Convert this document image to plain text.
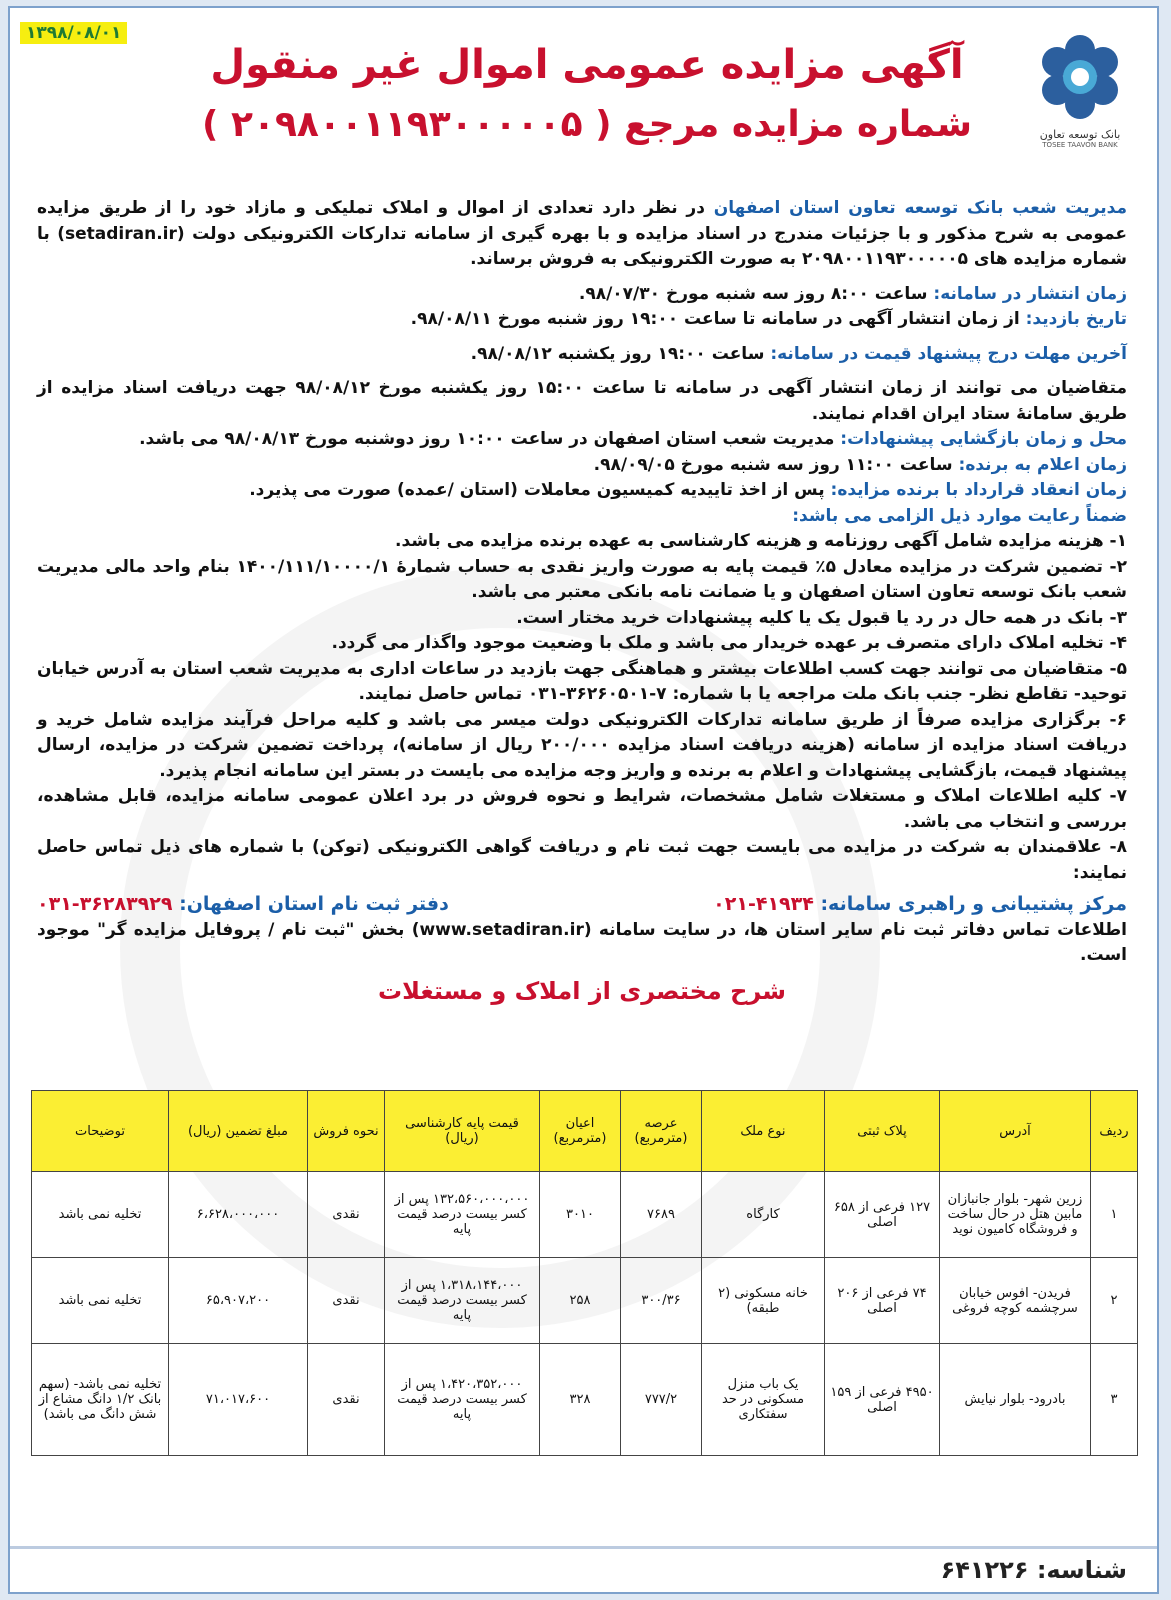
۱۳۹۸/۰۸/۰۱
بانک توسعه تعاون
TOSEE TAAVON BANK
آگهی مزایده عمومی اموال غیر منقول
شماره مزایده مرجع ( ۲۰۹۸۰۰۱۱۹۳۰۰۰۰۰۵ )

مدیریت شعب بانک توسعه تعاون استان اصفهان در نظر دارد تعدادی از اموال و املاک تملیکی و مازاد خود را از طریق مزایده عمومی به شرح مذکور و با جزئیات مندرج در اسناد مزایده و با بهره گیری از سامانه تدارکات الکترونیکی دولت (setadiran.ir) با شماره مزایده های ۲۰۹۸۰۰۱۱۹۳۰۰۰۰۰۵ به صورت الکترونیکی به فروش برساند.

زمان انتشار در سامانه: ساعت ۸:۰۰ روز سه شنبه مورخ ۹۸/۰۷/۳۰.

تاریخ بازدید: از زمان انتشار آگهی در سامانه تا ساعت ۱۹:۰۰ روز شنبه مورخ ۹۸/۰۸/۱۱.

آخرین مهلت درج پیشنهاد قیمت در سامانه: ساعت ۱۹:۰۰ روز یکشنبه ۹۸/۰۸/۱۲.

متقاضیان می توانند از زمان انتشار آگهی در سامانه تا ساعت ۱۵:۰۰ روز یکشنبه مورخ ۹۸/۰۸/۱۲ جهت دریافت اسناد مزایده از طریق سامانۀ ستاد ایران اقدام نمایند.

محل و زمان بازگشایی پیشنهادات: مدیریت شعب استان اصفهان در ساعت ۱۰:۰۰ روز دوشنبه مورخ ۹۸/۰۸/۱۳ می باشد.

زمان اعلام به برنده: ساعت ۱۱:۰۰ روز سه شنبه مورخ ۹۸/۰۹/۰۵.

زمان انعقاد قرارداد با برنده مزایده: پس از اخذ تاییدیه کمیسیون معاملات (استان /عمده) صورت می پذیرد.

ضمناً رعایت موارد ذیل الزامی می باشد:

۱- هزینه مزایده شامل آگهی روزنامه و هزینه کارشناسی به عهده برنده مزایده می باشد.

۲- تضمین شرکت در مزایده معادل ۵٪ قیمت پایه به صورت واریز نقدی به حساب شمارۀ ۱۴۰۰/۱۱۱/۱۰۰۰۰/۱ بنام واحد مالی مدیریت شعب بانک توسعه تعاون استان اصفهان و یا ضمانت نامه بانکی معتبر می باشد.

۳- بانک در همه حال در رد یا قبول یک یا کلیه پیشنهادات خرید مختار است.

۴- تخلیه املاک دارای متصرف بر عهده خریدار می باشد و ملک با وضعیت موجود واگذار می گردد.

۵- متقاضیان می توانند جهت کسب اطلاعات بیشتر و هماهنگی جهت بازدید در ساعات اداری به مدیریت شعب استان به آدرس خیابان توحید- تقاطع نظر- جنب بانک ملت مراجعه یا با شماره: ۷-۳۶۲۶۰۵۰۱-۰۳۱ تماس حاصل نمایند.

۶- برگزاری مزایده صرفاً از طریق سامانه تدارکات الکترونیکی دولت میسر می باشد و کلیه مراحل فرآیند مزایده شامل خرید و دریافت اسناد مزایده از سامانه (هزینه دریافت اسناد مزایده ۲۰۰/۰۰۰ ریال از سامانه)، پرداخت تضمین شرکت در مزایده، ارسال پیشنهاد قیمت، بازگشایی پیشنهادات و اعلام به برنده و واریز وجه مزایده می بایست در بستر این سامانه انجام پذیرد.

۷- کلیه اطلاعات املاک و مستغلات شامل مشخصات، شرایط و نحوه فروش در برد اعلان عمومی سامانه مزایده، قابل مشاهده، بررسی و انتخاب می باشد.

۸- علاقمندان به شرکت در مزایده می بایست جهت ثبت نام و دریافت گواهی الکترونیکی (توکن) با شماره های ذیل تماس حاصل نمایند:

مرکز پشتیبانی و راهبری سامانه: ۴۱۹۳۴-۰۲۱
دفتر ثبت نام استان اصفهان: ۳۶۲۸۳۹۲۹-۰۳۱

اطلاعات تماس دفاتر ثبت نام سایر استان ها، در سایت سامانه (www.setadiran.ir) بخش "ثبت نام / پروفایل مزایده گر" موجود است.

شرح مختصری از املاک و مستغلات
ردیف	آدرس	پلاک ثبتی	نوع ملک	عرصه (مترمربع)	اعیان (مترمربع)	قیمت پایه کارشناسی (ریال)	نحوه فروش	مبلغ تضمین (ریال)	توضیحات
۱	زرین شهر- بلوار جانبازان مابین هتل در حال ساخت و فروشگاه کامیون نوید	۱۲۷ فرعی از ۶۵۸ اصلی	کارگاه	۷۶۸۹	۳۰۱۰	۱۳۲،۵۶۰،۰۰۰،۰۰۰ پس از کسر بیست درصد قیمت پایه	نقدی	۶،۶۲۸،۰۰۰،۰۰۰	تخلیه نمی باشد
۲	فریدن- افوس خیابان سرچشمه کوچه فروغی	۷۴ فرعی از ۲۰۶ اصلی	خانه مسکونی (۲ طبقه)	۳۰۰/۳۶	۲۵۸	۱،۳۱۸،۱۴۴،۰۰۰ پس از کسر بیست درصد قیمت پایه	نقدی	۶۵،۹۰۷،۲۰۰	تخلیه نمی باشد
۳	بادرود- بلوار نیایش	۴۹۵۰ فرعی از ۱۵۹ اصلی	یک باب منزل مسکونی در حد سفتکاری	۷۷۷/۲	۳۲۸	۱،۴۲۰،۳۵۲،۰۰۰ پس از کسر بیست درصد قیمت پایه	نقدی	۷۱،۰۱۷،۶۰۰	تخلیه نمی باشد- (سهم بانک ۱/۲ دانگ مشاع از شش دانگ می باشد)
شناسه: ۶۴۱۲۲۶
